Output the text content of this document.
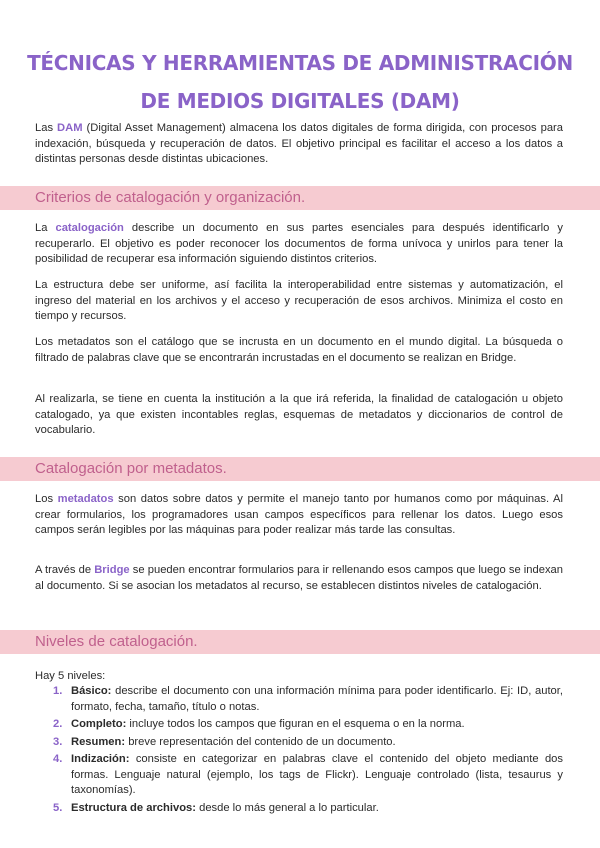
TÉCNICAS Y HERRAMIENTAS DE ADMINISTRACIÓN DE MEDIOS DIGITALES (DAM)

Las DAM (Digital Asset Management) almacena los datos digitales de forma dirigida, con procesos para indexación, búsqueda y recuperación de datos. El objetivo principal es facilitar el acceso a los datos a distintas personas desde distintas ubicaciones.

Criterios de catalogación y organización.

La catalogación describe un documento en sus partes esenciales para después identificarlo y recuperarlo. El objetivo es poder reconocer los documentos de forma unívoca y unirlos para tener la posibilidad de recuperar esa información siguiendo distintos criterios.

La estructura debe ser uniforme, así facilita la interoperabilidad entre sistemas y automatización, el ingreso del material en los archivos y el acceso y recuperación de esos archivos. Minimiza el costo en tiempo y recursos.

Los metadatos son el catálogo que se incrusta en un documento en el mundo digital. La búsqueda o filtrado de palabras clave que se encontrarán incrustadas en el documento se realizan en Bridge.

Al realizarla, se tiene en cuenta la institución a la que irá referida, la finalidad de catalogación u objeto catalogado, ya que existen incontables reglas, esquemas de metadatos y diccionarios de control de vocabulario.

Catalogación por metadatos.

Los metadatos son datos sobre datos y permite el manejo tanto por humanos como por máquinas. Al crear formularios, los programadores usan campos específicos para rellenar los datos. Luego esos campos serán legibles por las máquinas para poder realizar más tarde las consultas.

A través de Bridge se pueden encontrar formularios para ir rellenando esos campos que luego se indexan al documento. Si se asocian los metadatos al recurso, se establecen distintos niveles de catalogación.

Niveles de catalogación.
Hay 5 niveles:
1. Básico: describe el documento con una información mínima para poder identificarlo. Ej: ID, autor, formato, fecha, tamaño, título o notas.
2. Completo: incluye todos los campos que figuran en el esquema o en la norma.
3. Resumen: breve representación del contenido de un documento.
4. Indización: consiste en categorizar en palabras clave el contenido del objeto mediante dos formas. Lenguaje natural (ejemplo, los tags de Flickr). Lenguaje controlado (lista, tesaurus y taxonomías).
5. Estructura de archivos: desde lo más general a lo particular.
